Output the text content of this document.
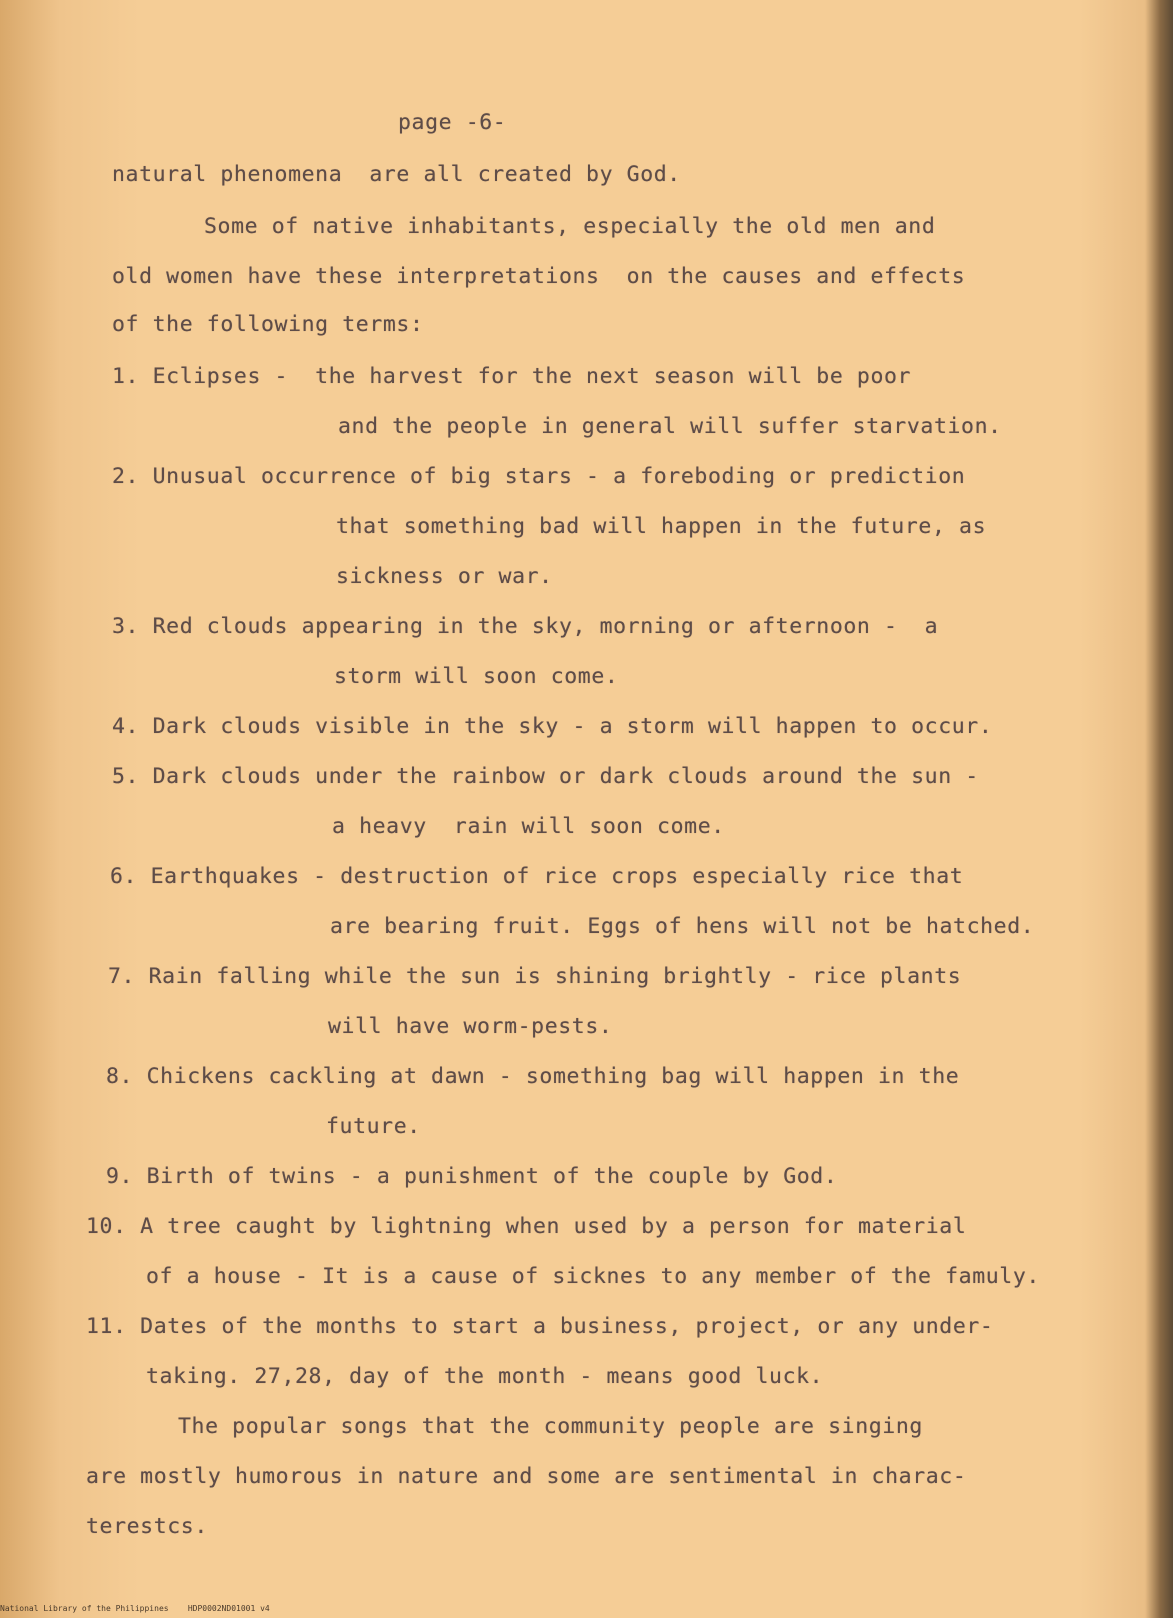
page -6-
natural phenomena  are all created by God.
Some of native inhabitants, especially the old men and
old women have these interpretations  on the causes and effects
of the following terms:
1. Eclipses -  the harvest for the next season will be poor
and the people in general will suffer starvation.
2. Unusual occurrence of big stars - a foreboding or prediction
that something bad will happen in the future, as
sickness or war.
3. Red clouds appearing in the sky, morning or afternoon -  a
storm will soon come.
4. Dark clouds visible in the sky - a storm will happen to occur.
5. Dark clouds under the rainbow or dark clouds around the sun -
a heavy  rain will soon come.
6. Earthquakes - destruction of rice crops especially rice that
are bearing fruit. Eggs of hens will not be hatched.
7. Rain falling while the sun is shining brightly - rice plants
will have worm-pests.
8. Chickens cackling at dawn - something bag will happen in the
future.
9. Birth of twins - a punishment of the couple by God.
10. A tree caught by lightning when used by a person for material
of a house - It is a cause of sicknes to any member of the famuly.
11. Dates of the months to start a business, project, or any under-
taking. 27,28, day of the month - means good luck.
The popular songs that the community people are singing
are mostly humorous in nature and some are sentimental in charac-
terestcs.
National Library of the Philippines    HDP0002ND01001 v4
